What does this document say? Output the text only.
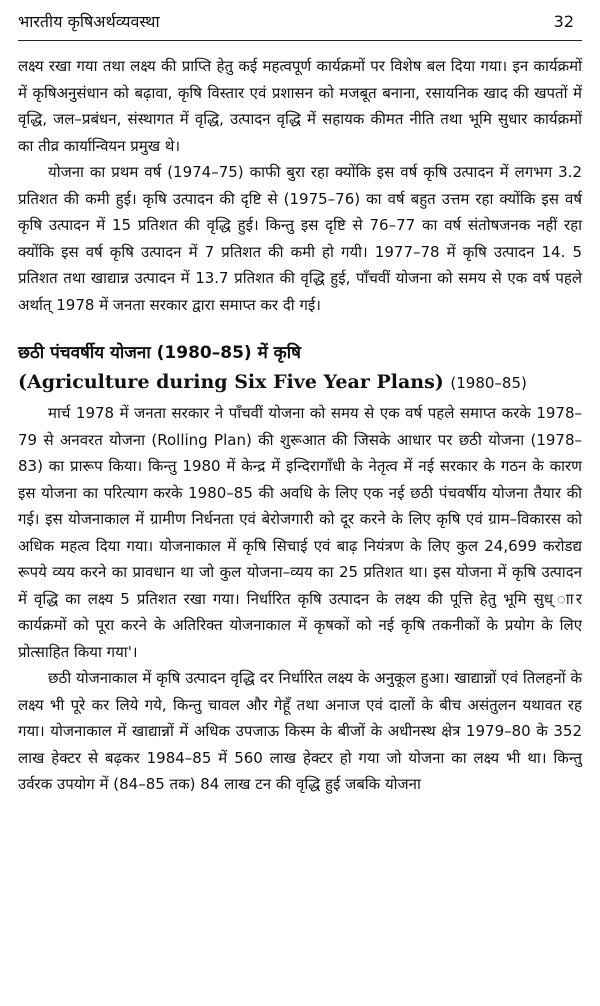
भारतीय कृषिअर्थव्यवस्था	32

लक्ष्य रखा गया तथा लक्ष्य की प्राप्ति हेतु कई महत्वपूर्ण कार्यक्रमों पर विशेष बल दिया गया। इन कार्यक्रमों में कृषिअनुसंधान को बढ़ावा, कृषि विस्तार एवं प्रशासन को मजबूत बनाना, रसायनिक खाद की खपतों में वृद्धि, जल–प्रबंधन, संस्थागत में वृद्धि, उत्पादन वृद्धि में सहायक कीमत नीति तथा भूमि सुधार कार्यक्रमों का तीव्र कार्यान्वियन प्रमुख थे।

योजना का प्रथम वर्ष (1974–75) काफी बुरा रहा क्योंकि इस वर्ष कृषि उत्पादन में लगभग 3.2 प्रतिशत की कमी हुई। कृषि उत्पादन की दृष्टि से (1975–76) का वर्ष बहुत उत्तम रहा क्योंकि इस वर्ष कृषि उत्पादन में 15 प्रतिशत की वृद्धि हुई। किन्तु इस दृष्टि से 76–77 का वर्ष संतोषजनक नहीं रहा क्योंकि इस वर्ष कृषि उत्पादन में 7 प्रतिशत की कमी हो गयी। 1977–78 में कृषि उत्पादन 14. 5 प्रतिशत तथा खाद्यान्न उत्पादन में 13.7 प्रतिशत की वृद्धि हुई, पाँचवीं योजना को समय से एक वर्ष पहले अर्थात् 1978 में जनता सरकार द्वारा समाप्त कर दी गई।

छठी पंचवर्षीय योजना (1980–85) में कृषि
(Agriculture during Six Five Year Plans) (1980–85)

मार्च 1978 में जनता सरकार ने पाँचवीं योजना को समय से एक वर्ष पहले समाप्त करके 1978–79 से अनवरत योजना (Rolling Plan) की शुरूआत की जिसके आधार पर छठी योजना (1978–83) का प्रारूप किया। किन्तु 1980 में केन्द्र में इन्दिरागाँधी के नेतृत्व में नई सरकार के गठन के कारण इस योजना का परित्याग करके 1980–85 की अवधि के लिए एक नई छठी पंचवर्षीय योजना तैयार की गई। इस योजनाकाल में ग्रामीण निर्धनता एवं बेरोजगारी को दूर करने के लिए कृषि एवं ग्राम–विकारस को अधिक महत्व दिया गया। योजनाकाल में कृषि सिचाई एवं बाढ़ नियंत्रण के लिए कुल 24,699 करोडद्य रूपये व्यय करने का प्रावधान था जो कुल योजना–व्यय का 25 प्रतिशत था। इस योजना में कृषि उत्पादन में वृद्धि का लक्ष्य 5 प्रतिशत रखा गया। निर्धारित कृषि उत्पादन के लक्ष्य की पूत्ति हेतु भूमि सुध् ाार कार्यक्रमों को पूरा करने के अतिरिक्त योजनाकाल में कृषकों को नई कृषि तकनीकों के प्रयोग के लिए प्रोत्साहित किया गया'।

छठी योजनाकाल में कृषि उत्पादन वृद्धि दर निर्धारित लक्ष्य के अनुकूल हुआ। खाद्यान्नों एवं तिलहनों के लक्ष्य भी पूरे कर लिये गये, किन्तु चावल और गेहूँ तथा अनाज एवं दालों के बीच असंतुलन यथावत रह गया। योजनाकाल में खाद्यान्नों में अधिक उपजाऊ किस्म के बीजों के अधीनस्थ क्षेत्र 1979–80 के 352 लाख हेक्टर से बढ़कर 1984–85 में 560 लाख हेक्टर हो गया जो योजना का लक्ष्य भी था। किन्तु उर्वरक उपयोग में (84–85 तक) 84 लाख टन की वृद्धि हुई जबकि योजना
